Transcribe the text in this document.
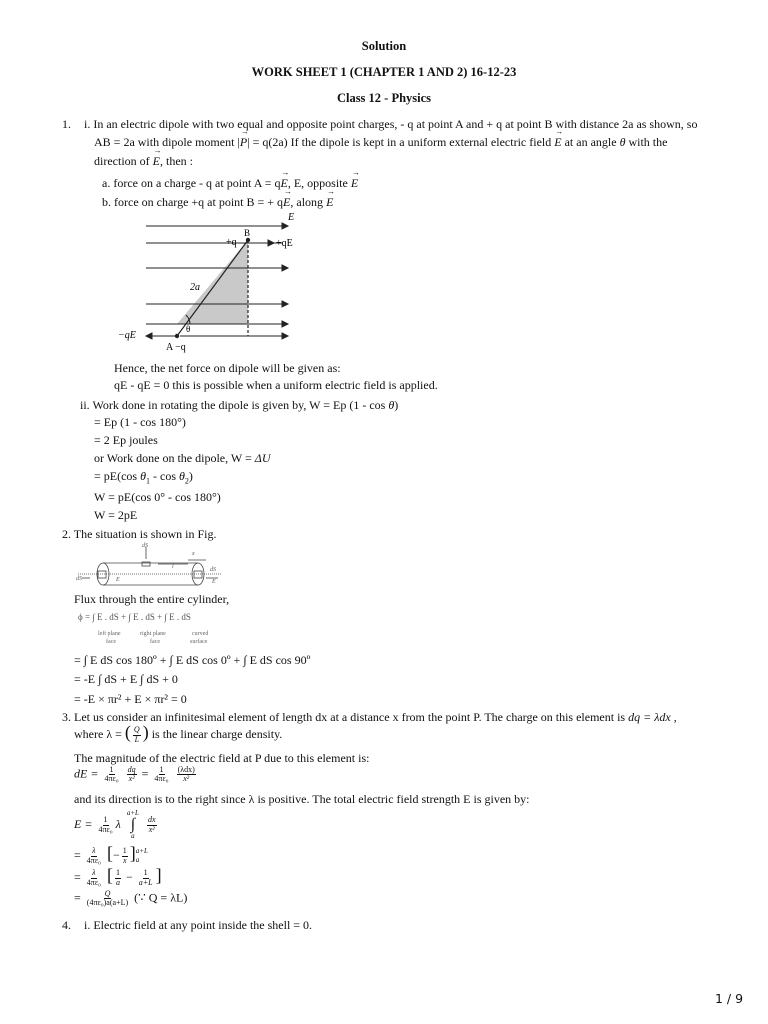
Solution
WORK SHEET 1 (CHAPTER 1 AND 2) 16-12-23
Class 12 - Physics
1. i. In an electric dipole with two equal and opposite point charges, - q at point A and + q at point B with distance 2a as shown, so
AB = 2a with dipole moment |→ P| = q(2a) If the dipole is kept in a uniform external electric field → E at an angle θ with the
direction of → E, then :
a. force on a charge - q at point A = q→ E, E, opposite → E
b. force on charge +q at point B = + q→ E, along → E
E
+q
B
+qE
2a
−qE
θ
A −q
Hence, the net force on dipole will be given as:
qE - qE = 0 this is possible when a uniform electric field is applied.
ii. Work done in rotating the dipole is given by, W = Ep (1 - cos θ)
= Ep (1 - cos 180°)
= 2 Ep joules
or Work done on the dipole, W = ΔU
= pE(cos $\theta_1$ - $\cos \theta_2$)
W = pE(cos 0° - cos 180°)
W = 2pE
2. The situation is shown in Fig.
dS	E
dS
l
x
dS
E
Flux through the entire cylinder,
ϕ = ∫ E . dS + ∫ E . dS + ∫ E . dS
left plane
face
right plane
face
curved
surface
= ∫ E dS cos 180º + ∫ E dS cos 0º + ∫ E dS cos 90º
= -E ∫ dS + E ∫ dS + 0
= -E × πr² + E × πr² = 0
3. Let us consider an infinitesimal element of length dx at a distance x from the point P. The charge on this element is dq = λdx ,
where λ = ( $\frac{Q}{L}$ ) is the linear charge density.
The magnitude of the electric field at P due to this element is:
dE = $\frac{1}{\text{4πε₀}}$
$\frac{dq}{\text{x²}} = \frac{1}{\text{4πε₀}}$
$\frac{\text{(λdx)}}{\text{x²}}$
and its direction is to the right since λ is positive. The total electric field strength E is given by:
$E = \frac{1}{\text{4πε₀}}$ λ
a+L
∫
a

$\frac{dx}{\text{x²}}$
= $\frac{\lambda}{\text{4πε₀}}$ [− $\frac{1}{x}$ ] a+L
a
= $\frac{\lambda}{\text{4πε₀}}$ [ $\frac{1}{a} - \frac{1}{a+L}$ ]
= $\frac{Q}{\text{(4πε₀)a(a+L)}}$ (∵ Q = λL)
4. i. Electric field at any point inside the shell = 0.
1 / 9
